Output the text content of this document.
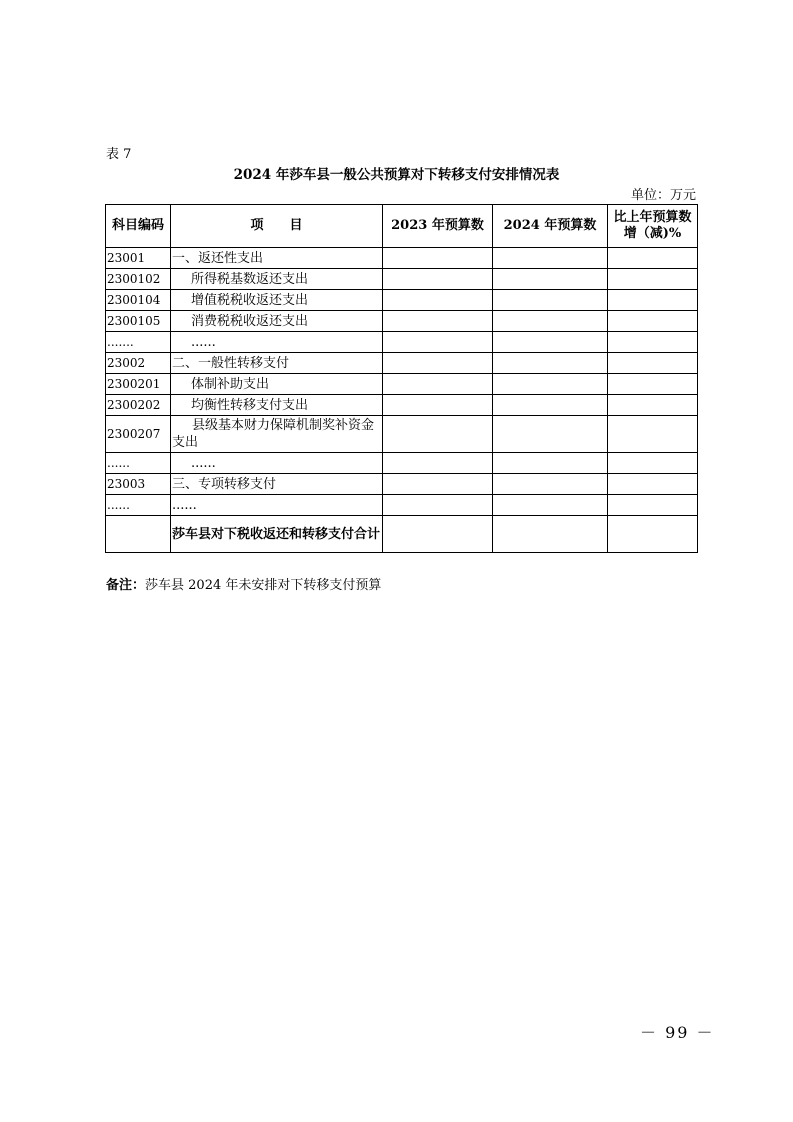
表 7
2024 年莎车县一般公共预算对下转移支付安排情况表
单位：万元
科目编码	项　　目	2023 年预算数	2024 年预算数	比上年预算数增（减)%
23001	一、返还性支出			
2300102	所得税基数返还支出			
2300104	增值税税收返还支出			
2300105	消费税税收返还支出			
.......	......			
23002	二、一般性转移支付			
2300201	体制补助支出			
2300202	均衡性转移支付支出			
2300207	县级基本财力保障机制奖补资金支出			
......	......			
23003	三、专项转移支付			
......	......			
	莎车县对下税收返还和转移支付合计			
备注：莎车县 2024 年未安排对下转移支付预算
－ 99 －
